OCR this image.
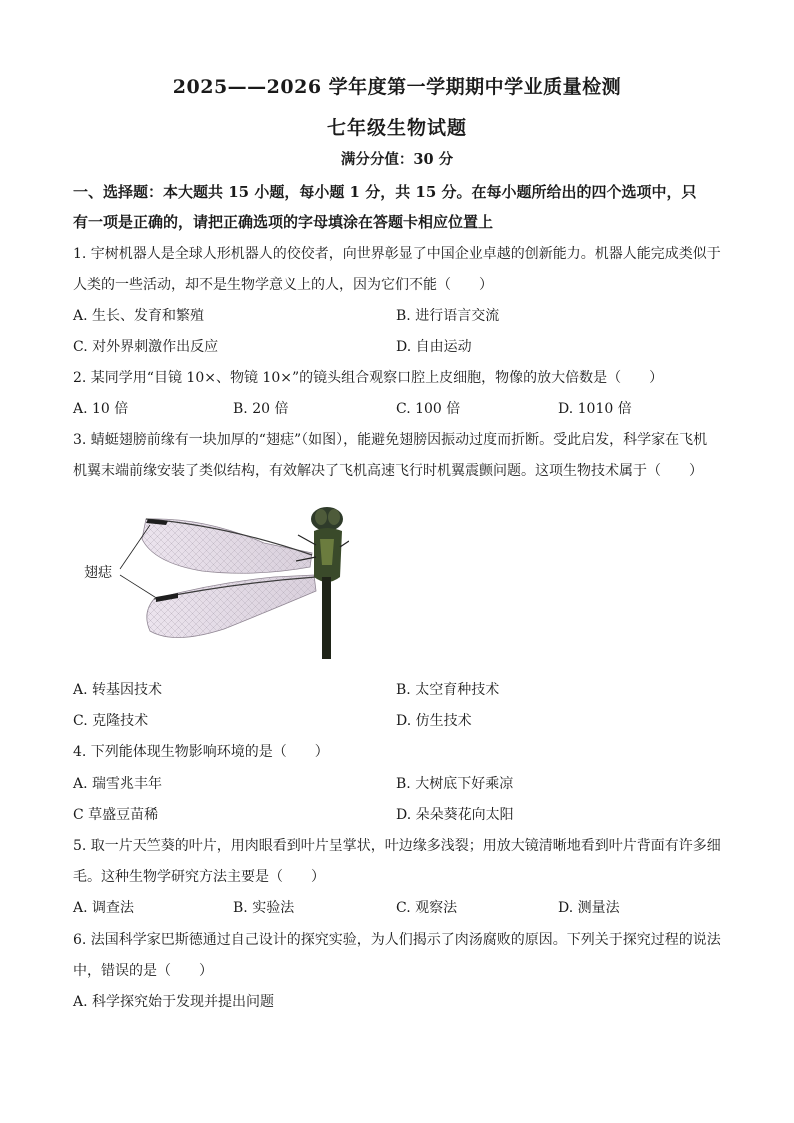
2025——2026 学年度第一学期期中学业质量检测
七年级生物试题
满分分值：30 分
一、选择题：本大题共 15 小题，每小题 1 分，共 15 分。在每小题所给出的四个选项中，只
有一项是正确的，请把正确选项的字母填涂在答题卡相应位置上
1. 宇树机器人是全球人形机器人的佼佼者，向世界彰显了中国企业卓越的创新能力。机器人能完成类似于
人类的一些活动，却不是生物学意义上的人，因为它们不能（　　）
A. 生长、发育和繁殖	B. 进行语言交流
C. 对外界刺激作出反应	D. 自由运动
2. 某同学用“目镜 10×、物镜 10×”的镜头组合观察口腔上皮细胞，物像的放大倍数是（　　）
A. 10 倍	B. 20 倍	C. 100 倍	D. 1010 倍
3. 蜻蜓翅膀前缘有一块加厚的“翅痣”（如图），能避免翅膀因振动过度而折断。受此启发，科学家在飞机
机翼末端前缘安装了类似结构，有效解决了飞机高速飞行时机翼震颤问题。这项生物技术属于（　　）
翅痣
A. 转基因技术	B. 太空育种技术
C. 克隆技术	D. 仿生技术
4. 下列能体现生物影响环境的是（　　）
A. 瑞雪兆丰年	B. 大树底下好乘凉
C 草盛豆苗稀	D. 朵朵葵花向太阳
5. 取一片天竺葵的叶片，用肉眼看到叶片呈掌状，叶边缘多浅裂；用放大镜清晰地看到叶片背面有许多细
毛。这种生物学研究方法主要是（　　）
A. 调查法	B. 实验法	C. 观察法	D. 测量法
6. 法国科学家巴斯德通过自己设计的探究实验，为人们揭示了肉汤腐败的原因。下列关于探究过程的说法
中，错误的是（　　）
A. 科学探究始于发现并提出问题
